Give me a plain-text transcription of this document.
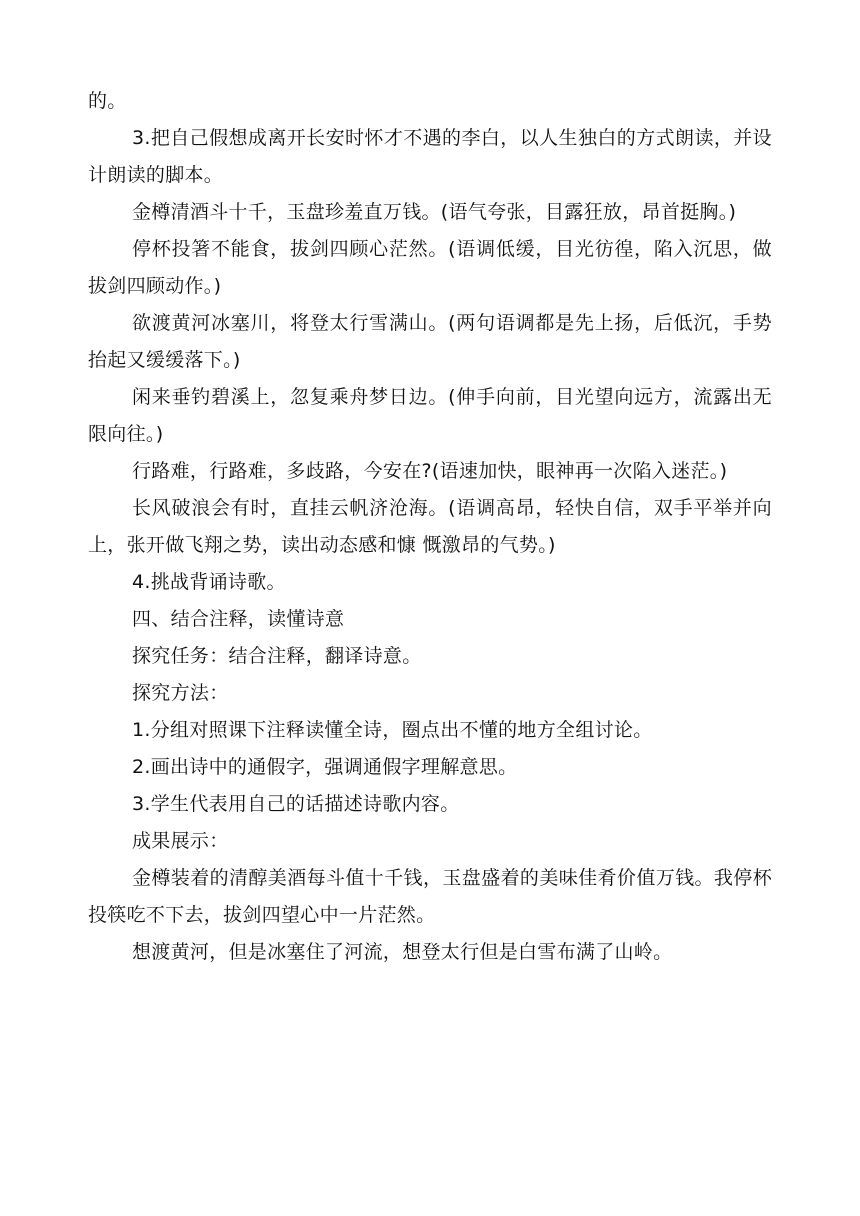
的。

3.把自己假想成离开长安时怀才不遇的李白，以人生独白的方式朗读，并设计朗读的脚本。

金樽清酒斗十千，玉盘珍羞直万钱。(语气夸张，目露狂放，昂首挺胸。)

停杯投箸不能食，拔剑四顾心茫然。(语调低缓，目光彷徨，陷入沉思，做拔剑四顾动作。)

欲渡黄河冰塞川，将登太行雪满山。(两句语调都是先上扬，后低沉，手势抬起又缓缓落下。)

闲来垂钓碧溪上，忽复乘舟梦日边。(伸手向前，目光望向远方，流露出无限向往。)

行路难，行路难，多歧路，今安在?(语速加快，眼神再一次陷入迷茫。)

长风破浪会有时，直挂云帆济沧海。(语调高昂，轻快自信，双手平举并向上，张开做飞翔之势，读出动态感和慷 慨激昂的气势。)

4.挑战背诵诗歌。

四、结合注释，读懂诗意

探究任务：结合注释，翻译诗意。

探究方法：

1.分组对照课下注释读懂全诗，圈点出不懂的地方全组讨论。

2.画出诗中的通假字，强调通假字理解意思。

3.学生代表用自己的话描述诗歌内容。

成果展示：

金樽装着的清醇美酒每斗值十千钱，玉盘盛着的美味佳肴价值万钱。我停杯投筷吃不下去，拔剑四望心中一片茫然。

想渡黄河，但是冰塞住了河流，想登太行但是白雪布满了山岭。
